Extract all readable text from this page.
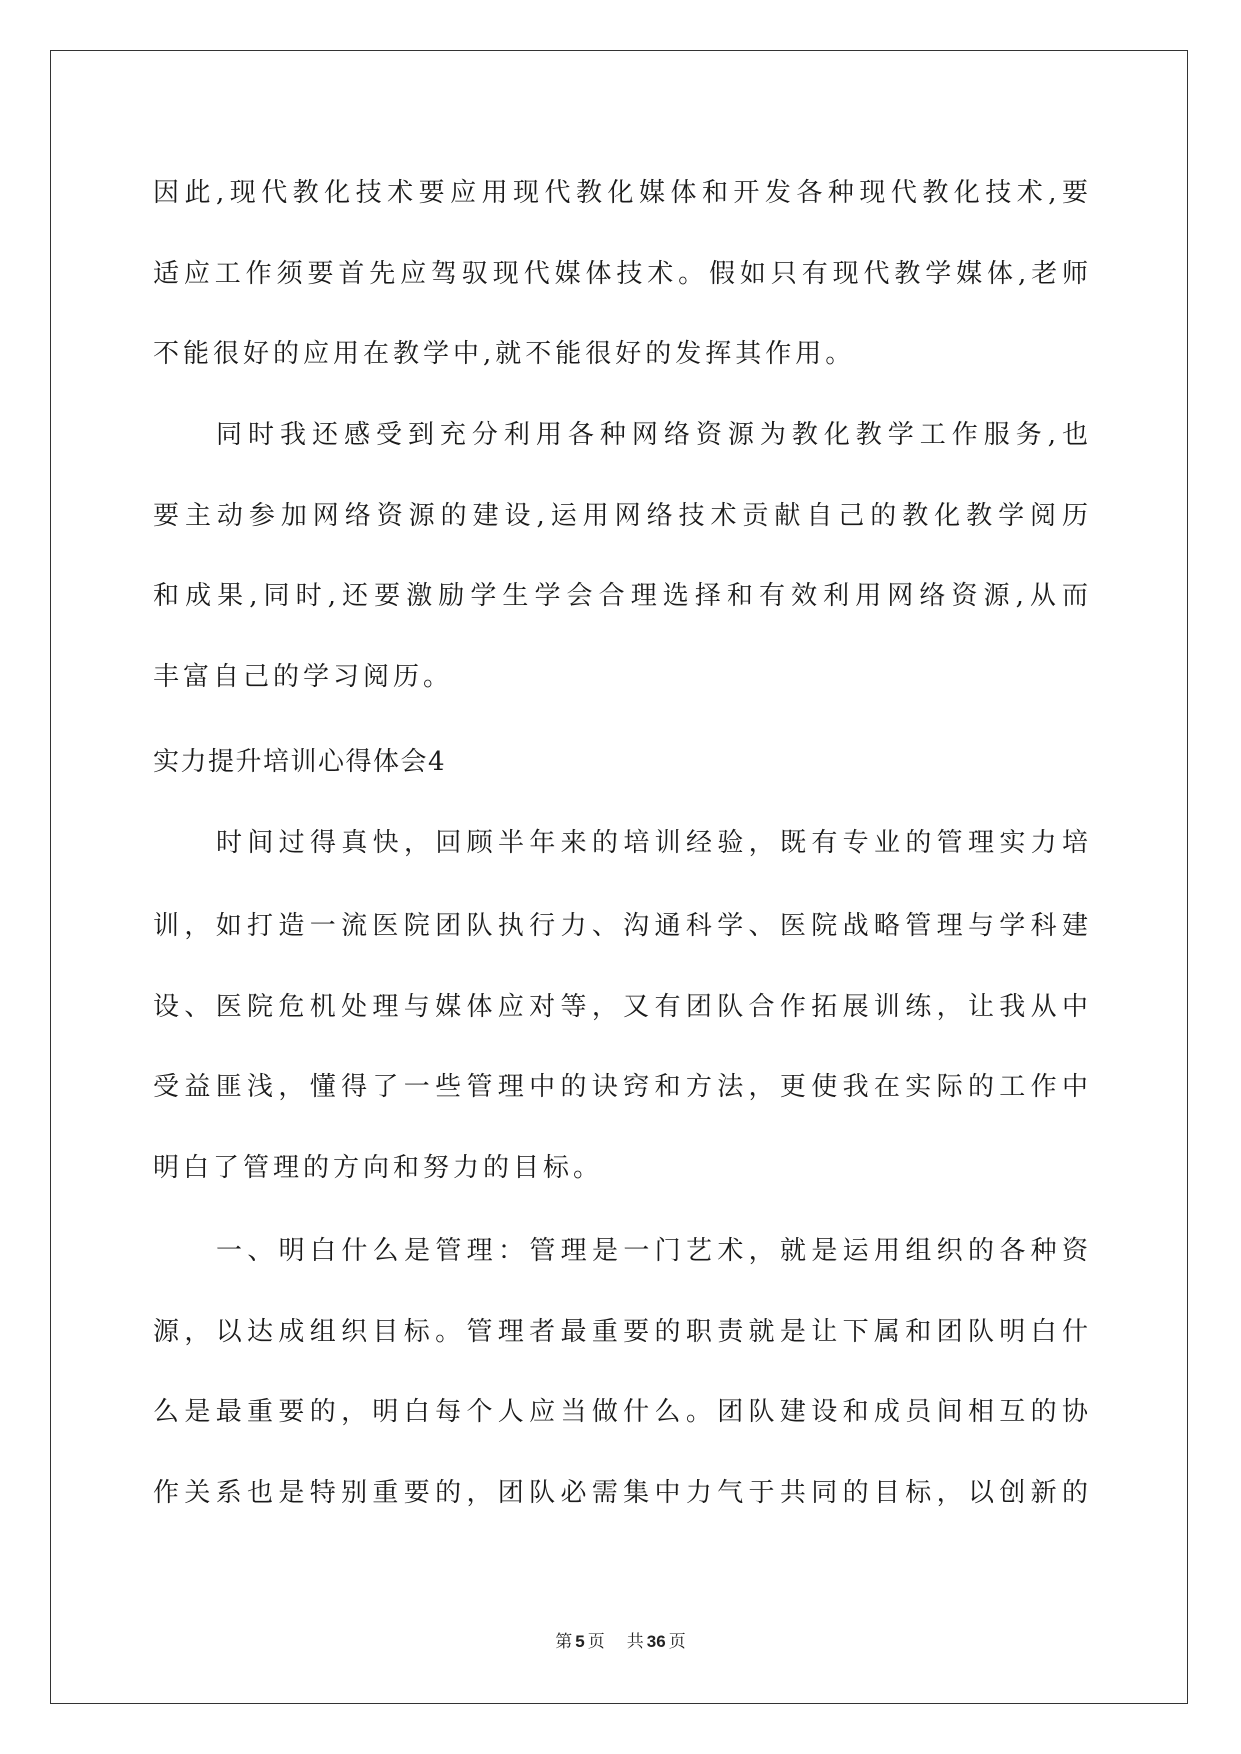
因此,现代教化技术要应用现代教化媒体和开发各种现代教化技术,要
适应工作须要首先应驾驭现代媒体技术。假如只有现代教学媒体,老师
不能很好的应用在教学中,就不能很好的发挥其作用。
同时我还感受到充分利用各种网络资源为教化教学工作服务,也
要主动参加网络资源的建设,运用网络技术贡献自己的教化教学阅历
和成果,同时,还要激励学生学会合理选择和有效利用网络资源,从而
丰富自己的学习阅历。
实力提升培训心得体会4
时间过得真快，回顾半年来的培训经验，既有专业的管理实力培
训，如打造一流医院团队执行力、沟通科学、医院战略管理与学科建
设、医院危机处理与媒体应对等，又有团队合作拓展训练，让我从中
受益匪浅，懂得了一些管理中的诀窍和方法，更使我在实际的工作中
明白了管理的方向和努力的目标。
一、明白什么是管理：管理是一门艺术，就是运用组织的各种资
源，以达成组织目标。管理者最重要的职责就是让下属和团队明白什
么是最重要的，明白每个人应当做什么。团队建设和成员间相互的协
作关系也是特别重要的，团队必需集中力气于共同的目标，以创新的
第 5 页 共 36 页
